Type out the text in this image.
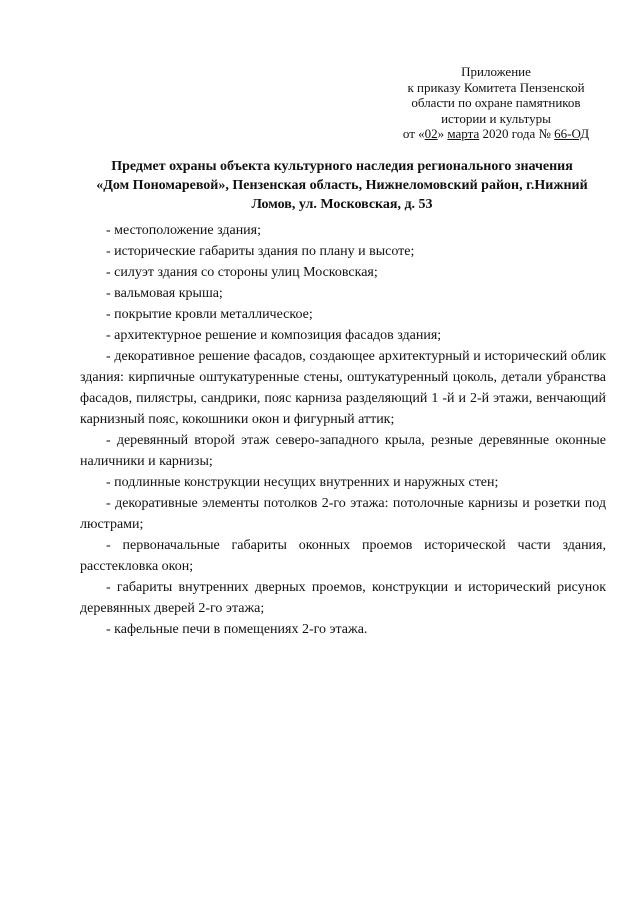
Приложение
к приказу Комитета Пензенской
области по охране памятников
истории и культуры
от «02» марта 2020 года № 66-ОД
Предмет охраны объекта культурного наследия регионального значения
«Дом Пономаревой», Пензенская область, Нижнеломовский район, г.Нижний
Ломов, ул. Московская, д. 53
- местоположение здания;
- исторические габариты здания по плану и высоте;
- силуэт здания со стороны улиц Московская;
- вальмовая крыша;
- покрытие кровли металлическое;
- архитектурное решение и композиция фасадов здания;
- декоративное решение фасадов, создающее архитектурный и исторический облик здания: кирпичные оштукатуренные стены, оштукатуренный цоколь, детали убранства фасадов, пилястры, сандрики, пояс карниза разделяющий 1 -й и 2-й этажи, венчающий карнизный пояс, кокошники окон и фигурный аттик;
- деревянный второй этаж северо-западного крыла, резные деревянные оконные наличники и карнизы;
- подлинные конструкции несущих внутренних и наружных стен;
- декоративные элементы потолков 2-го этажа: потолочные карнизы и розетки под люстрами;
- первоначальные габариты оконных проемов исторической части здания, расстекловка окон;
- габариты внутренних дверных проемов, конструкции и исторический рисунок деревянных дверей 2-го этажа;
- кафельные печи в помещениях 2-го этажа.
